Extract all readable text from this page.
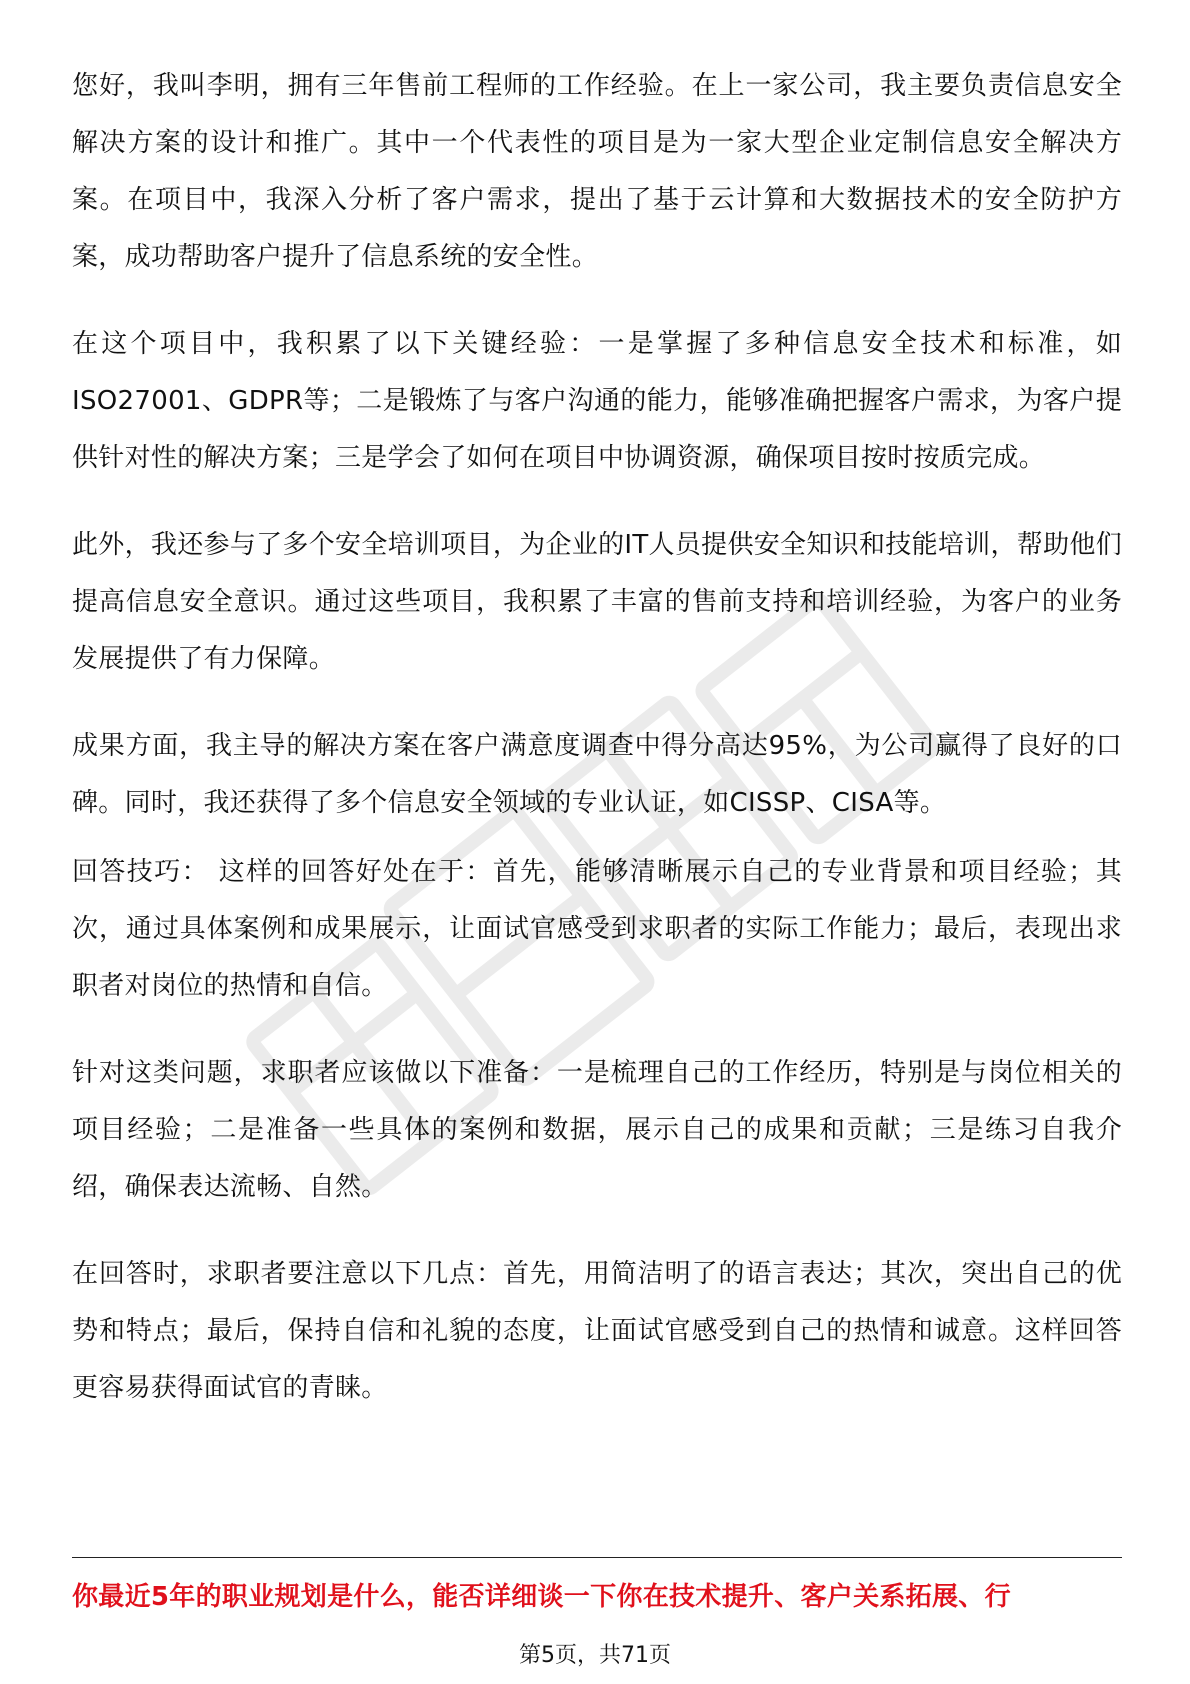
您好，我叫李明，拥有三年售前工程师的工作经验。在上一家公司，我主要负责信息安全解决方案的设计和推广。其中一个代表性的项目是为一家大型企业定制信息安全解决方案。在项目中，我深入分析了客户需求，提出了基于云计算和大数据技术的安全防护方案，成功帮助客户提升了信息系统的安全性。

在这个项目中，我积累了以下关键经验：一是掌握了多种信息安全技术和标准，如ISO27001、GDPR等；二是锻炼了与客户沟通的能力，能够准确把握客户需求，为客户提供针对性的解决方案；三是学会了如何在项目中协调资源，确保项目按时按质完成。

此外，我还参与了多个安全培训项目，为企业的IT人员提供安全知识和技能培训，帮助他们提高信息安全意识。通过这些项目，我积累了丰富的售前支持和培训经验，为客户的业务发展提供了有力保障。

成果方面，我主导的解决方案在客户满意度调查中得分高达95%，为公司赢得了良好的口碑。同时，我还获得了多个信息安全领域的专业认证，如CISSP、CISA等。

回答技巧： 这样的回答好处在于：首先，能够清晰展示自己的专业背景和项目经验；其次，通过具体案例和成果展示，让面试官感受到求职者的实际工作能力；最后，表现出求职者对岗位的热情和自信。

针对这类问题，求职者应该做以下准备：一是梳理自己的工作经历，特别是与岗位相关的项目经验；二是准备一些具体的案例和数据，展示自己的成果和贡献；三是练习自我介绍，确保表达流畅、自然。

在回答时，求职者要注意以下几点：首先，用简洁明了的语言表达；其次，突出自己的优势和特点；最后，保持自信和礼貌的态度，让面试官感受到自己的热情和诚意。这样回答更容易获得面试官的青睐。

你最近5年的职业规划是什么，能否详细谈一下你在技术提升、客户关系拓展、行
第5页，共71页
